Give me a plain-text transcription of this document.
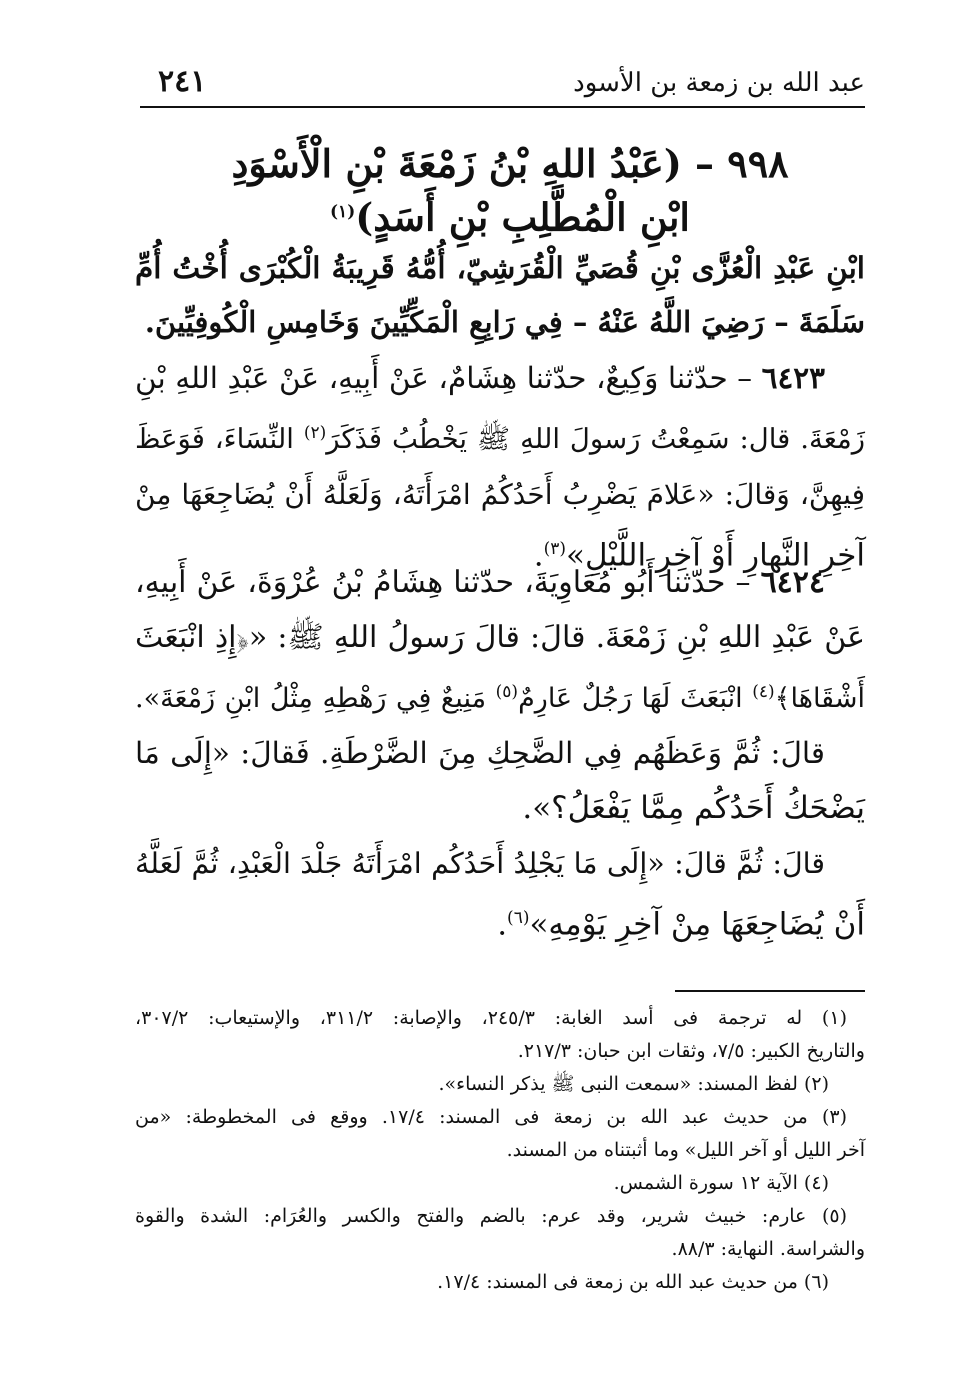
عبد الله بن زمعة بن الأسود
٢٤١
٩٩٨ – (عَبْدُ اللهِ بْنُ زَمْعَةَ بْنِ الْأَسْوَدِ
ابْنِ الْمُطَّلِبِ بْنِ أَسَدٍ)$^{(١)}$
ابْنِ عَبْدِ الْعُزَّى بْنِ قُصَيِّ الْقُرَشِيّ، أُمُّهُ قَرِيبَةُ الْكُبْرَى أُخْتُ أُمِّ
سَلَمَةَ – رَضِيَ اللَّهُ عَنْهُ – فِي رَابِعِ الْمَكِّيِّينَ وَخَامِسِ الْكُوفِيِّينَ.
٦٤٢٣ – حدّثنا وَكِيعٌ، حدّثنا هِشَامٌ، عَنْ أَبِيهِ، عَنْ عَبْدِ اللهِ بْنِ
زَمْعَةَ. قال: سَمِعْتُ رَسولَ اللهِ ﷺ يَخْطُبُ فَذَكَرَ$^{(٢)}$ النِّسَاءَ، فَوَعَظَ
فِيهِنَّ، وَقالَ: «عَلامَ يَضْرِبُ أَحَدُكُمُ امْرَأَتَهُ، وَلَعَلَّهُ أَنْ يُضَاجِعَهَا مِنْ
آخِرِ النَّهارِ أَوْ آخِرِ اللَّيْلِ»$^{(٣)}$.
٦٤٢٤ – حدّثنا أَبُو مُعَاوِيَةَ، حدّثنا هِشَامُ بْنُ عُرْوَةَ، عَنْ أَبِيهِ،
عَنْ عَبْدِ اللهِ بْنِ زَمْعَةَ. قالَ: قالَ رَسولُ اللهِ ﷺ: «﴿إِذِ انْبَعَثَ
أَشْقَاهَا﴾$^{(٤)}$ انْبَعَثَ لَهَا رَجُلٌ عَارِمٌ$^{(٥)}$ مَنِيعٌ فِي رَهْطِهِ مِثْلُ ابْنِ زَمْعَةَ».
قالَ: ثُمَّ وَعَظَهُم فِي الضَّحِكِ مِنَ الضَّرْطَةِ. فَقالَ: «إِلَى مَا
يَضْحَكُ أَحَدُكُم مِمَّا يَفْعَلُ؟».
قالَ: ثُمَّ قالَ: «إِلَى مَا يَجْلِدُ أَحَدُكُم امْرَأَتَهُ جَلْدَ الْعَبْدِ، ثُمَّ لَعَلَّهُ
أَنْ يُضَاجِعَهَا مِنْ آخِرِ يَوْمِهِ»$^{(٦)}$.
(١) له ترجمة فى أسد الغابة: ٢٤٥/٣، والإصابة: ٣١١/٢، والإستيعاب: ٣٠٧/٢،
والتاريخ الكبير: ٧/٥، وثقات ابن حبان: ٢١٧/٣.
(٢) لفظ المسند: «سمعت النبى ﷺ يذكر النساء».
(٣) من حديث عبد الله بن زمعة فى المسند: ١٧/٤. ووقع فى المخطوطة: «من
آخر الليل أو آخر الليل» وما أثبتناه من المسند.
(٤) الآية ١٢ سورة الشمس.
(٥) عارم: خبيث شرير، وقد عرم: بالضم والفتح والكسر والعُرَام: الشدة والقوة
والشراسة. النهاية: ٨٨/٣.
(٦) من حديث عبد الله بن زمعة فى المسند: ١٧/٤.
